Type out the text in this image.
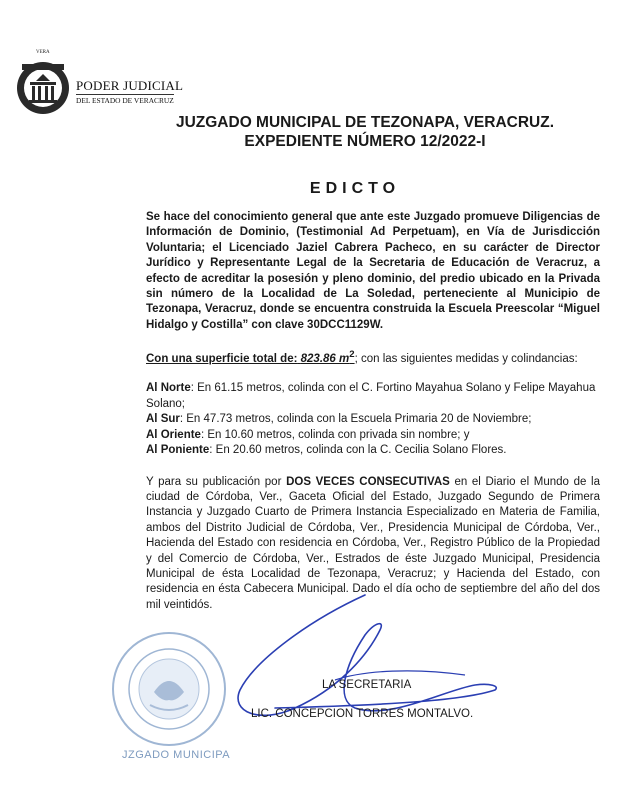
VERA
PODER JUDICIAL
DEL ESTADO DE VERACRUZ
JUZGADO MUNICIPAL DE TEZONAPA, VERACRUZ.
EXPEDIENTE NÚMERO 12/2022-I
EDICTO

Se hace del conocimiento general que ante este Juzgado promueve Diligencias de Información de Dominio, (Testimonial Ad Perpetuam), en Vía de Jurisdicción Voluntaria; el Licenciado Jaziel Cabrera Pacheco, en su carácter de Director Jurídico y Representante Legal de la Secretaria de Educación de Veracruz, a efecto de acreditar la posesión y pleno dominio, del predio ubicado en la Privada sin número de la Localidad de La Soledad, perteneciente al Municipio de Tezonapa, Veracruz, donde se encuentra construida la Escuela Preescolar “Miguel Hidalgo y Costilla” con clave 30DCC1129W.

Con una superficie total de: 823.86 $m^2$; con las siguientes medidas y colindancias:

Al Norte: En 61.15 metros, colinda con el C. Fortino Mayahua Solano y Felipe Mayahua Solano;
Al Sur: En 47.73 metros, colinda con la Escuela Primaria 20 de Noviembre;
Al Oriente: En 10.60 metros, colinda con privada sin nombre; y
Al Poniente: En 20.60 metros, colinda con la C. Cecilia Solano Flores.

Y para su publicación por DOS VECES CONSECUTIVAS en el Diario el Mundo de la ciudad de Córdoba, Ver., Gaceta Oficial del Estado, Juzgado Segundo de Primera Instancia y Juzgado Cuarto de Primera Instancia Especializado en Materia de Familia, ambos del Distrito Judicial de Córdoba, Ver., Presidencia Municipal de Córdoba, Ver., Hacienda del Estado con residencia en Córdoba, Ver., Registro Público de la Propiedad y del Comercio de Córdoba, Ver., Estrados de éste Juzgado Municipal, Presidencia Municipal de ésta Localidad de Tezonapa, Veracruz; y Hacienda del Estado, con residencia en ésta Cabecera Municipal. Dado el día ocho de septiembre del año del dos mil veintidós.

JZGADO MUNICIPA
LA SECRETARIA
LIC. CONCEPCION TORRES MONTALVO.
